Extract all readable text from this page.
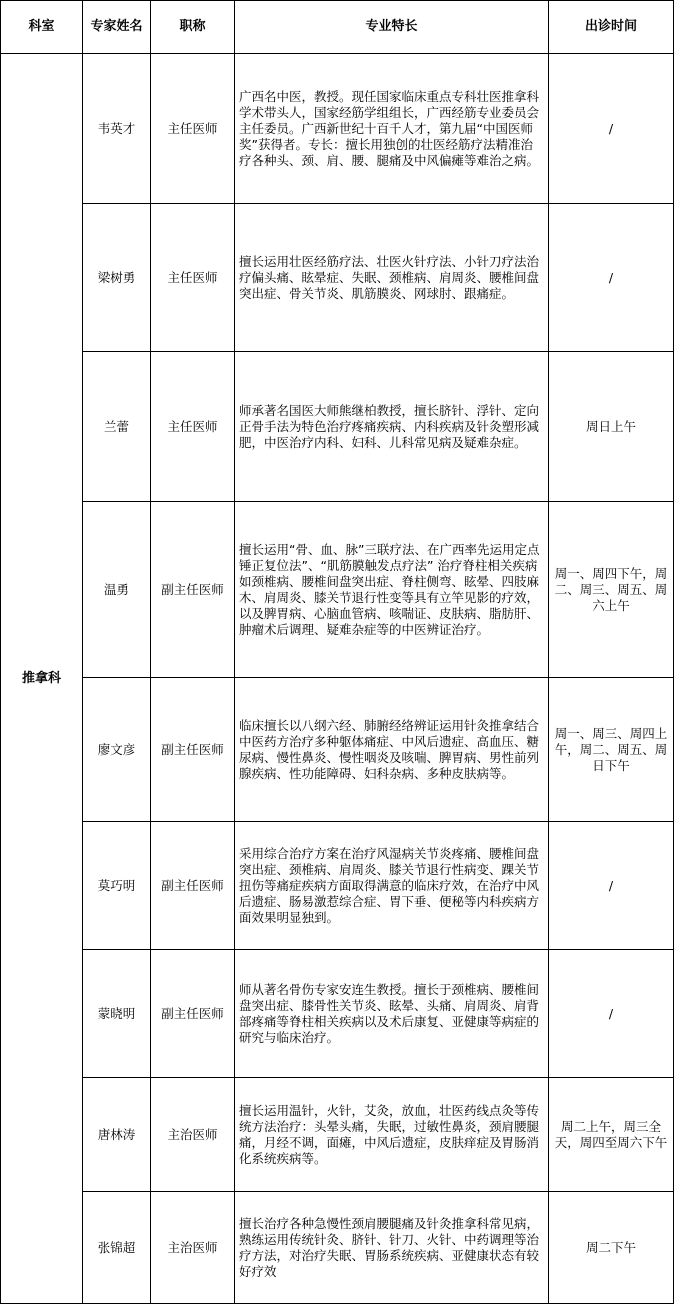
科室	专家姓名	职称	专业特长	出诊时间
推拿科	韦英才	主任医师	广西名中医，教授。现任国家临床重点专科壮医推拿科学术带头人，国家经筋学组组长，广西经筋专业委员会主任委员。广西新世纪十百千人才，第九届“中国医师奖”获得者。专长：擅长用独创的壮医经筋疗法精准治疗各种头、颈、肩、腰、腿痛及中风偏瘫等难治之病。	/
	梁树勇	主任医师	擅长运用壮医经筋疗法、壮医火针疗法、小针刀疗法治疗偏头痛、眩晕症、失眠、颈椎病、肩周炎、腰椎间盘突出症、骨关节炎、肌筋膜炎、网球肘、跟痛症。	/
	兰蕾	主任医师	师承著名国医大师熊继柏教授，擅长脐针、浮针、定向正骨手法为特色治疗疼痛疾病、内科疾病及针灸塑形减肥，中医治疗内科、妇科、儿科常见病及疑难杂症。	周日上午
	温勇	副主任医师	擅长运用“骨、血、脉”三联疗法、在广西率先运用定点锤正复位法”、“肌筋膜触发点疗法” 治疗脊柱相关疾病如颈椎病、腰椎间盘突出症、脊柱侧弯、眩晕、四肢麻木、肩周炎、膝关节退行性变等具有立竿见影的疗效，以及脾胃病、心脑血管病、咳喘证、皮肤病、脂肪肝、肿瘤术后调理、疑难杂症等的中医辨证治疗。	周一、周四下午，周二、周三、周五、周六上午
	廖文彦	副主任医师	临床擅长以八纲六经、肺腑经络辨证运用针灸推拿结合中医药方治疗多种躯体痛症、中风后遗症、高血压、糖尿病、慢性鼻炎、慢性咽炎及咳喘、脾胃病、男性前列腺疾病、性功能障碍、妇科杂病、多种皮肤病等。	周一、周三、周四上午，周二、周五、周日下午
	莫巧明	副主任医师	采用综合治疗方案在治疗风湿病关节炎疼痛、腰椎间盘突出症、颈椎病、肩周炎、膝关节退行性病变、踝关节扭伤等痛症疾病方面取得满意的临床疗效，在治疗中风后遗症、肠易激惹综合症、胃下垂、便秘等内科疾病方面效果明显独到。	/
	蒙晓明	副主任医师	师从著名骨伤专家安连生教授。擅长于颈椎病、腰椎间盘突出症、膝骨性关节炎、眩晕、头痛、肩周炎、肩背部疼痛等脊柱相关疾病以及术后康复、亚健康等病症的研究与临床治疗。	/
	唐林涛	主治医师	擅长运用温针，火针，艾灸，放血，壮医药线点灸等传统方法治疗：头晕头痛，失眠，过敏性鼻炎，颈肩腰腿痛，月经不调，面瘫，中风后遗症，皮肤痒症及胃肠消化系统疾病等。	周二上午，周三全天，周四至周六下午
	张锦超	主治医师	擅长治疗各种急慢性颈肩腰腿痛及针灸推拿科常见病，熟练运用传统针灸、脐针、针刀、火针、中药调理等治疗方法，对治疗失眠、胃肠系统疾病、亚健康状态有较好疗效	周二下午
